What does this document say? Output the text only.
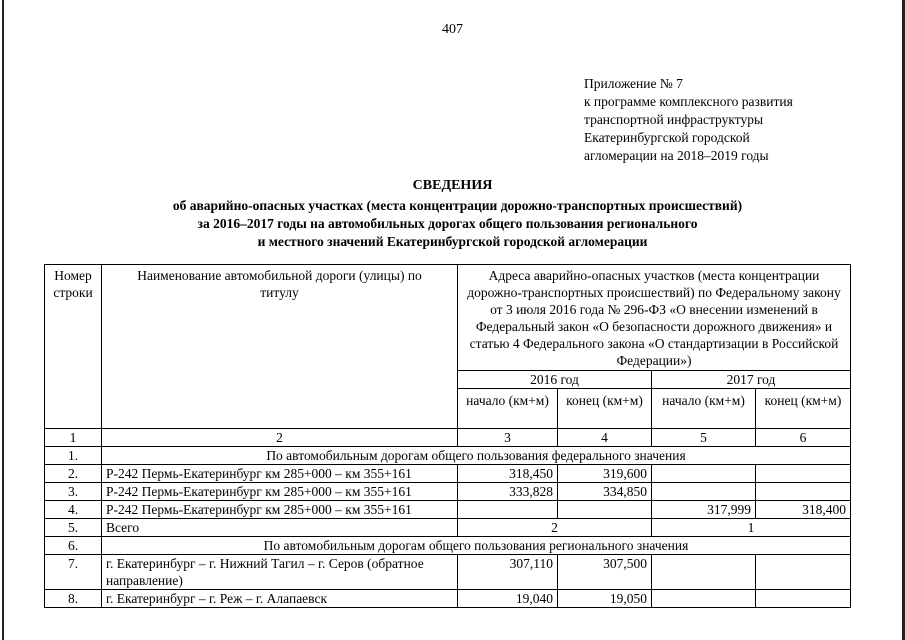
407
Приложение № 7
к программе комплексного развития
транспортной инфраструктуры
Екатеринбургской городской
агломерации на 2018–2019 годы
СВЕДЕНИЯ
об аварийно-опасных участках (места концентрации дорожно-транспортных происшествий)
за 2016–2017 годы на автомобильных дорогах общего пользования регионального
и местного значений Екатеринбургской городской агломерации
Номер строки	Наименование автомобильной дороги (улицы) по титулу	Адреса аварийно-опасных участков (места концентрации дорожно-транспортных происшествий) по Федеральному закону от 3 июля 2016 года № 296-ФЗ «О внесении изменений в Федеральный закон «О безопасности дорожного движения» и статью 4 Федерального закона «О стандартизации в Российской Федерации»)			
		2016 год		2017 год	
		начало (км+м)	конец (км+м)	начало (км+м)	конец (км+м)
1	2	3	4	5	6
1.	По автомобильным дорогам общего пользования федерального значения				
2.	Р-242 Пермь-Екатеринбург км 285+000 – км 355+161	318,450	319,600		
3.	Р-242 Пермь-Екатеринбург км 285+000 – км 355+161	333,828	334,850		
4.	Р-242 Пермь-Екатеринбург км 285+000 – км 355+161			317,999	318,400
5.	Всего	2		1	
6.	По автомобильным дорогам общего пользования регионального значения				
7.	г. Екатеринбург – г. Нижний Тагил – г. Серов (обратное направление)	307,110	307,500		
8.	г. Екатеринбург – г. Реж – г. Алапаевск	19,040	19,050		
